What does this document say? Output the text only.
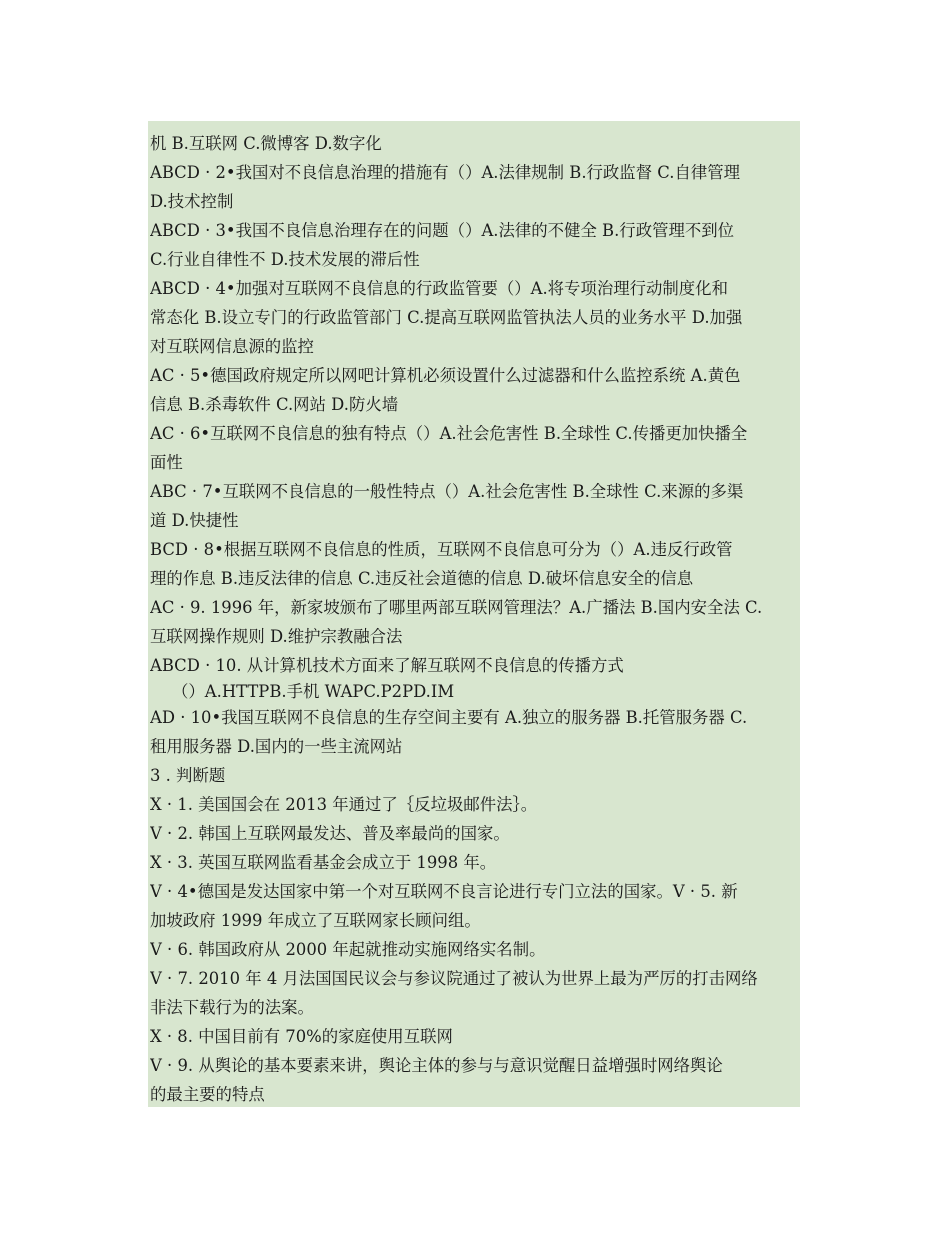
机 B.互联网 C.微博客 D.数字化
ABCD · 2•我国对不良信息治理的措施有（）A.法律规制 B.行政监督 C.自律管理
D.技术控制
ABCD · 3•我国不良信息治理存在的问题（）A.法律的不健全 B.行政管理不到位
C.行业自律性不 D.技术发展的滞后性
ABCD · 4•加强对互联网不良信息的行政监管要（）A.将专项治理行动制度化和
常态化 B.设立专门的行政监管部门 C.提高互联网监管执法人员的业务水平 D.加强
对互联网信息源的监控
AC · 5•德国政府规定所以网吧计算机必须设置什么过滤器和什么监控系统 A.黄色
信息 B.杀毒软件 C.网站 D.防火墙
AC · 6•互联网不良信息的独有特点（）A.社会危害性 B.全球性 C.传播更加快播全
面性
ABC · 7•互联网不良信息的一般性特点（）A.社会危害性 B.全球性 C.来源的多渠
道 D.快捷性
BCD · 8•根据互联网不良信息的性质，互联网不良信息可分为（）A.违反行政管
理的作息 B.违反法律的信息 C.违反社会道德的信息 D.破坏信息安全的信息
AC · 9. 1996 年，新家坡颁布了哪里两部互联网管理法？A.广播法 B.国内安全法 C.
互联网操作规则 D.维护宗教融合法
ABCD · 10. 从计算机技术方面来了解互联网不良信息的传播方式
（）A.HTTPB.手机 WAPC.P2PD.IM
AD · 10•我国互联网不良信息的生存空间主要有 A.独立的服务器 B.托管服务器 C.
租用服务器 D.国内的一些主流网站
3 . 判断题
X · 1. 美国国会在 2013 年通过了｛反垃圾邮件法｝。
V · 2. 韩国上互联网最发达、普及率最尚的国家。
X · 3. 英国互联网监看基金会成立于 1998 年。
V · 4•德国是发达国家中第一个对互联网不良言论进行专门立法的国家。V · 5. 新
加坡政府 1999 年成立了互联网家长顾问组。
V · 6. 韩国政府从 2000 年起就推动实施网络实名制。
V · 7. 2010 年 4 月法国国民议会与参议院通过了被认为世界上最为严厉的打击网络
非法下载行为的法案。
X · 8. 中国目前有 70%的家庭使用互联网
V · 9. 从舆论的基本要素来讲，舆论主体的参与与意识觉醒日益增强时网络舆论
的最主要的特点
